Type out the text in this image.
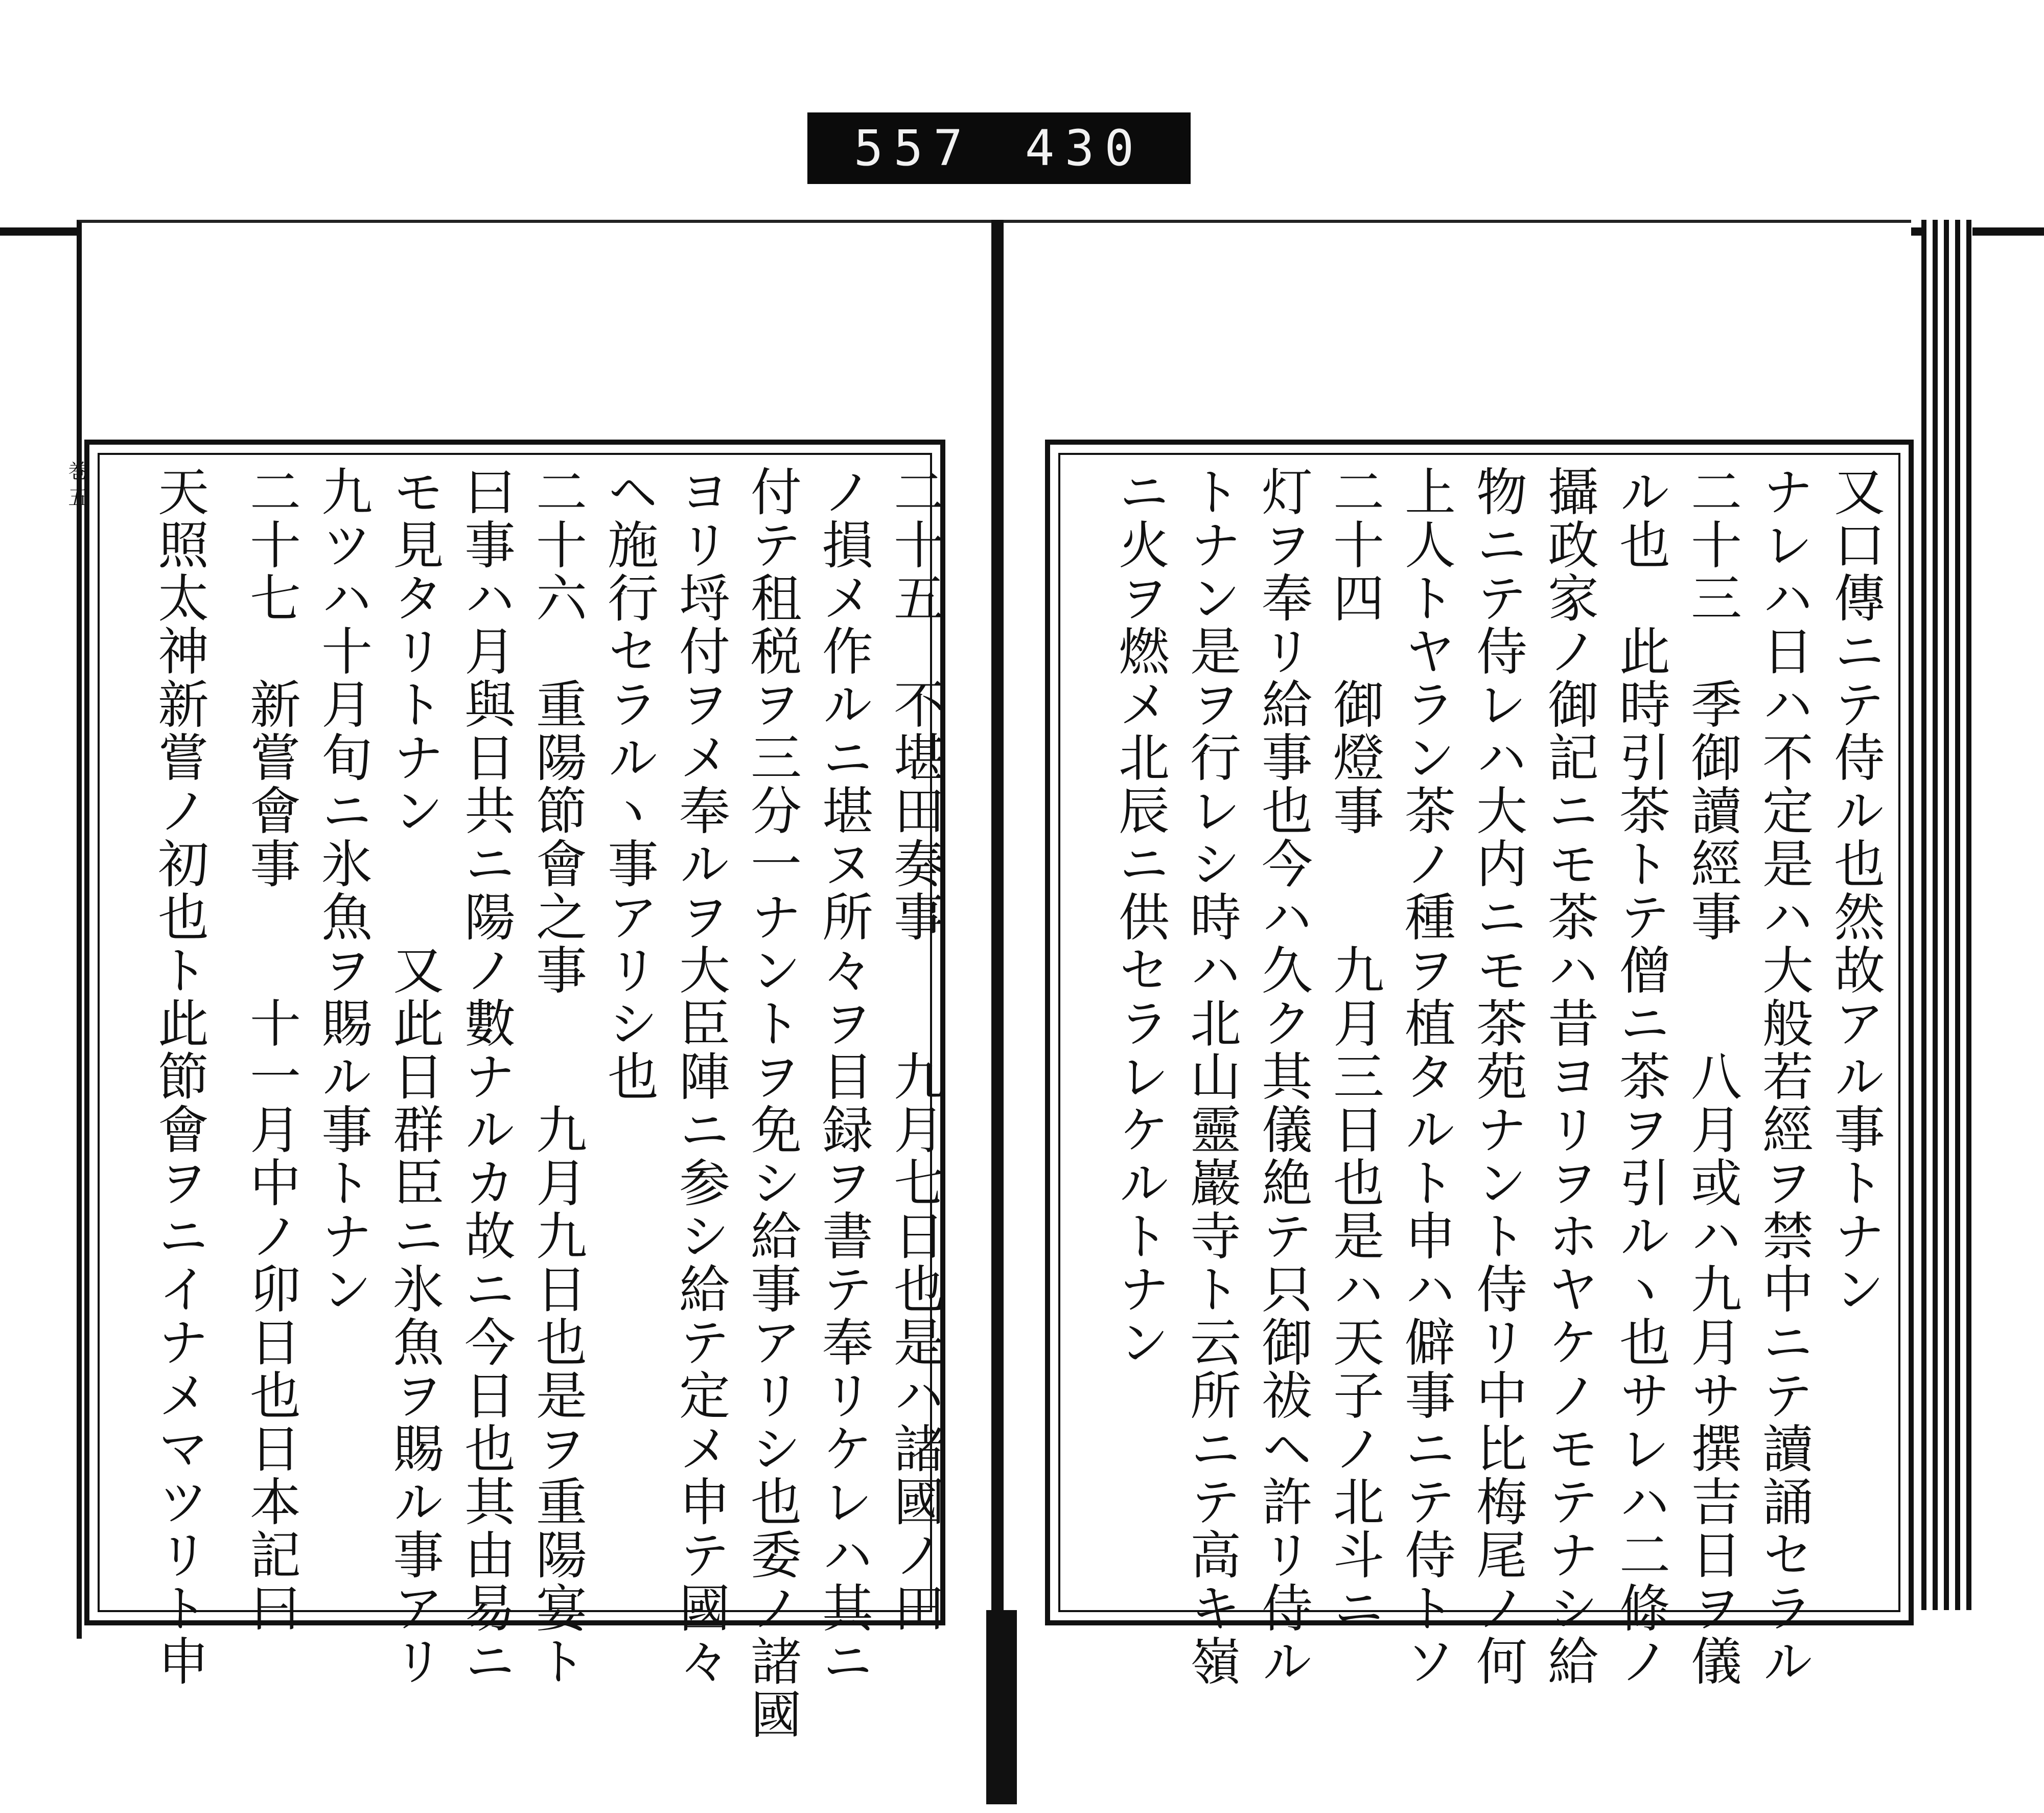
557 430
巻五	二十五　不堪田奏事　　九月七日也是ハ諸國ノ田
ノ損メ作ルニ堪ヌ所々ヲ目録ヲ書テ奉リケレハ其ニ
付テ租税ヲ三分一ナントヲ免シ給事アリシ也委ノ諸國
ヨリ埒付ヲメ奉ルヲ大臣陣ニ参シ給テ定メ申テ國々
ヘ施行セラルヽ事アリシ也
二十六　重陽節會之事　　九月九日也是ヲ重陽宴ト
曰事ハ月與日共ニ陽ノ數ナルカ故ニ今日也其由易ニ
モ見タリトナン　　又此日群臣ニ氷魚ヲ賜ル事アリ
九ツハ十月旬ニ氷魚ヲ賜ル事トナン
二十七　新嘗會事　　十一月中ノ卯日也日本記曰
天照太神新嘗ノ初也ト此節會ヲニイナメマツリト申	又口傳ニテ侍ル也然故アル事トナン
ナレハ日ハ不定是ハ大般若經ヲ禁中ニテ讀誦セラル
二十三　季御讀經事　　八月或ハ九月サ撰吉日ヲ儀
ル也　此時引茶トテ僧ニ茶ヲ引ルヽ也サレハ二條ノ
攝政家ノ御記ニモ茶ハ昔ヨリヲホヤケノモテナシ給
物ニテ侍レハ大内ニモ茶苑ナント侍リ中比梅尾ノ何
上人トヤラン茶ノ種ヲ植タルト申ハ僻事ニテ侍トソ
二十四　御燈事　　九月三日也是ハ天子ノ北斗ニ
灯ヲ奉リ給事也今ハ久ク其儀絶テ只御祓ヘ許リ侍ル
トナン是ヲ行レシ時ハ北山靈巖寺ト云所ニテ高キ嶺
ニ火ヲ燃メ北辰ニ供セラレケルトナン
